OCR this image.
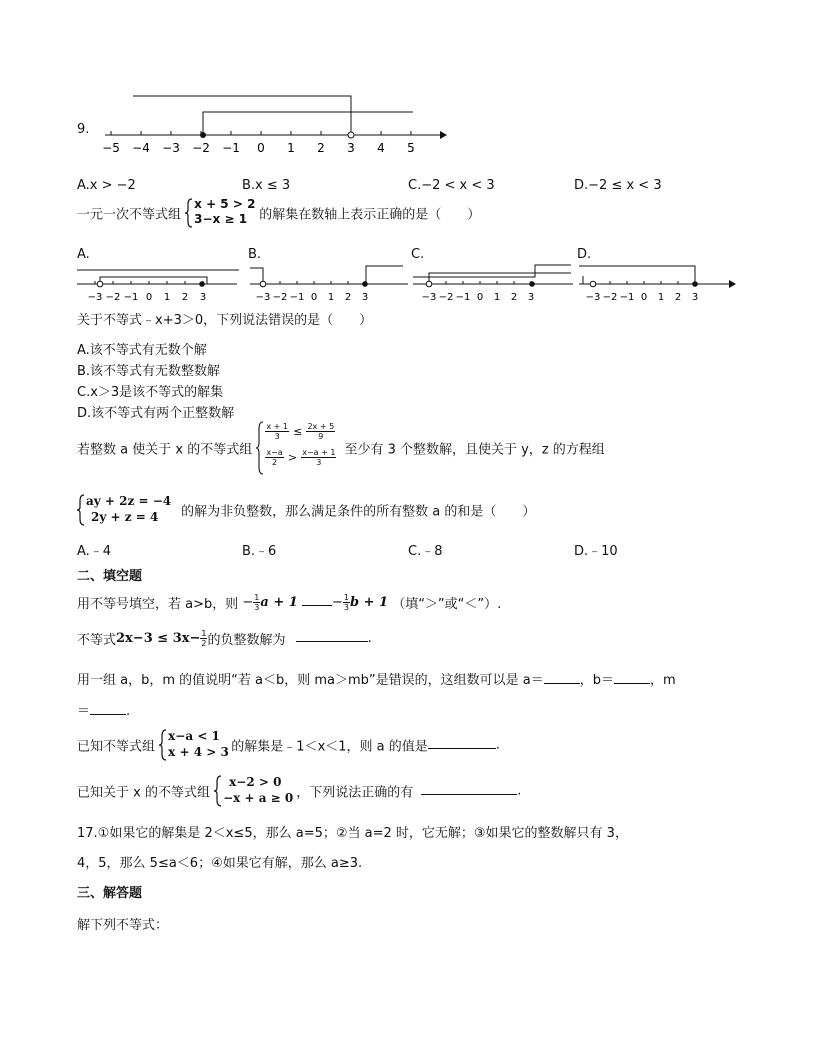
9.
−5 −4 −3 −2 −1 0 1 2 3 4 5
A.x > −2	B.x ≤ 3	C.−2 < x < 3	D.−2 ≤ x < 3
一元一次不等式组
x + 5 > 2
3−x ≥ 1 的解集在数轴上表示正确的是（　　）
A.
−3 −2 −1 0 1 2 3
B.
−3 −2 −1 0 1 2 3
C.
−3 −2 −1 0 1 2 3
D.
−3 −2 −1 0 1 2 3
关于不等式﹣x+3＞0，下列说法错误的是（　　）
A.该不等式有无数个解
B.该不等式有无数整数解
C.x＞3是该不等式的解集
D.该不等式有两个正整数解
若整数 a 使关于 x 的不等式组
$\frac{x + 1}{3} \le \frac{2x + 5}{9}$
$\frac{x-a}{2} > \frac{x-a + 1}{3}$ 至少有 3 个整数解，且使关于 y，z 的方程组
ay + 2z = −4
2y + z = 4 的解为非负整数，那么满足条件的所有整数 a 的和是（　　）
A.﹣4	B.﹣6	C.﹣8	D.﹣10
二、填空题
用不等号填空，若 a>b，则 − $\frac{1}{3}$ a + 1	− $\frac{1}{3}$ b + 1 （填“＞”或“＜”）.
不等式$2x-3 \le 3x- \frac{1}{2}$ 的负整数解为	.
用一组 a，b，m 的值说明“若 a＜b，则 ma＞mb”是错误的，这组数可以是 a＝	，b＝	，m
＝	.
已知不等式组
x−a < 1
x + 4 > 3 的解集是﹣1＜x＜1，则 a 的值是	.
已知关于 x 的不等式组
x−2 > 0
−x + a ≥ 0 ，下列说法正确的有	.
17.①如果它的解集是 2＜x≤5，那么 a=5；②当 a=2 时，它无解；③如果它的整数解只有 3，
4，5，那么 5≤a＜6；④如果它有解，那么 a≥3.
三、解答题
解下列不等式：
